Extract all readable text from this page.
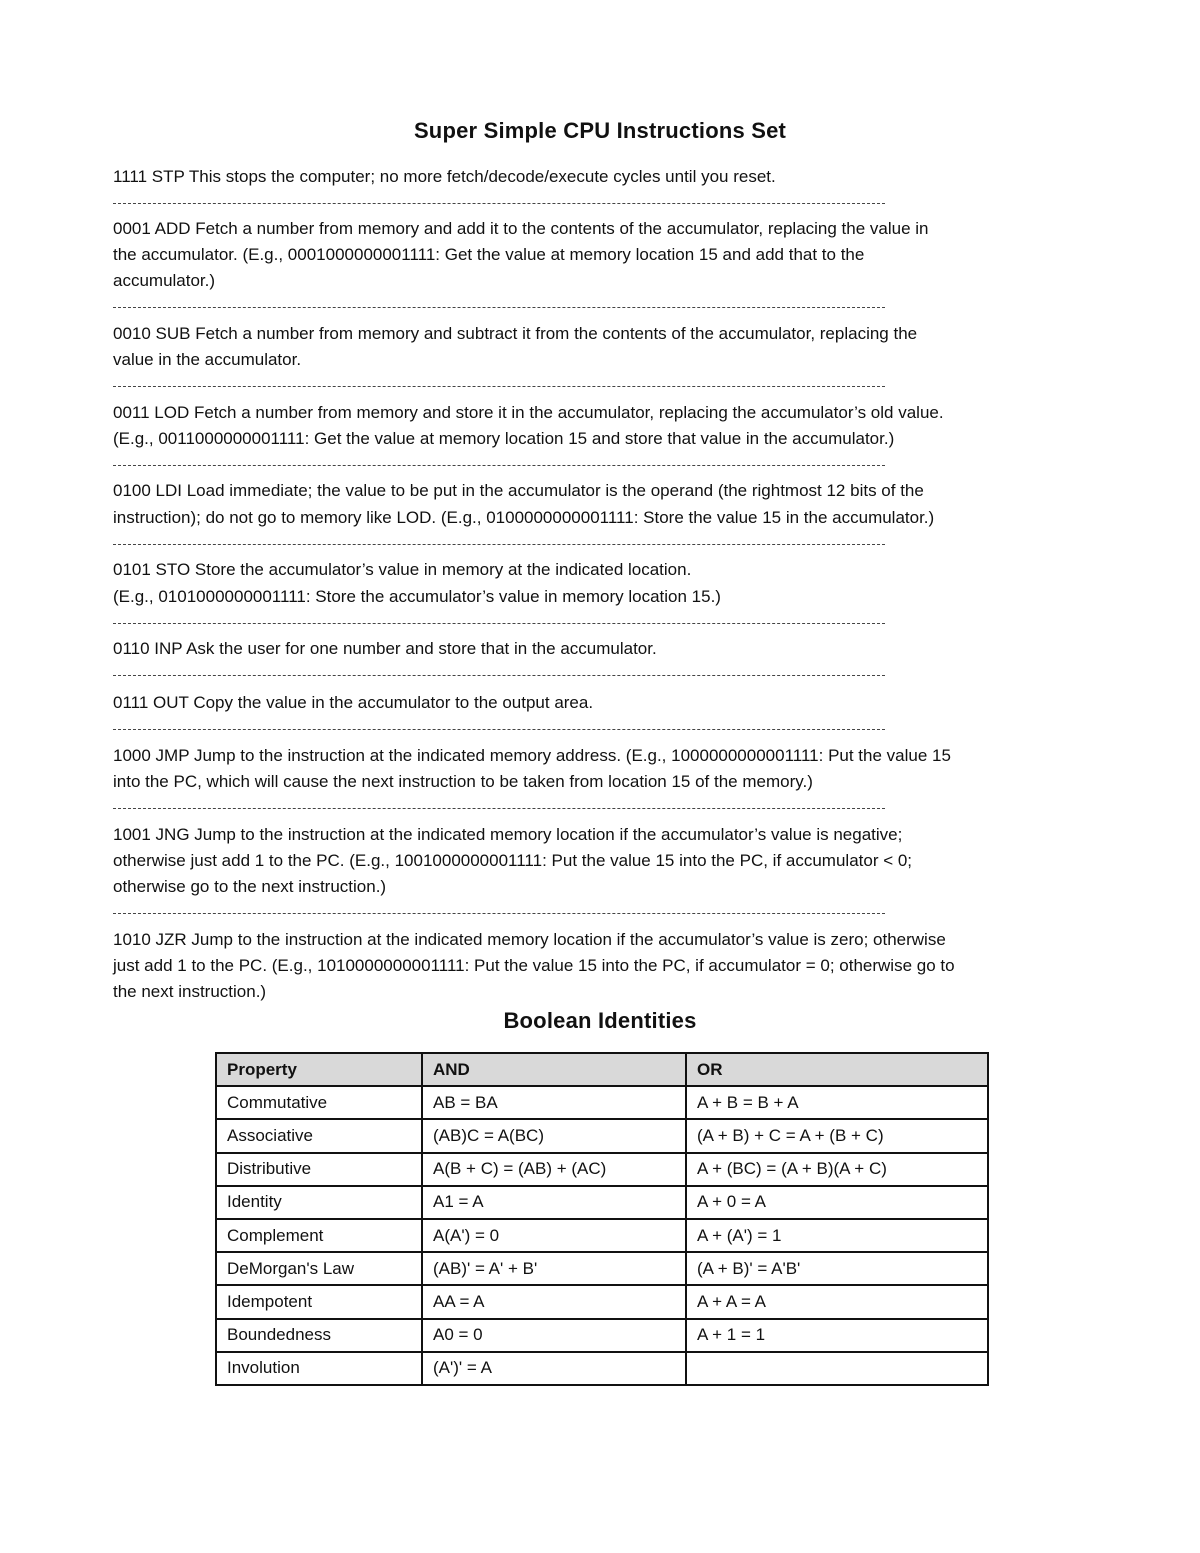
Super Simple CPU Instructions Set
1111 STP This stops the computer; no more fetch/decode/execute cycles until you reset.
0001 ADD Fetch a number from memory and add it to the contents of the accumulator, replacing the value in
the accumulator. (E.g., 0001000000001111: Get the value at memory location 15 and add that to the
accumulator.)
0010 SUB Fetch a number from memory and subtract it from the contents of the accumulator, replacing the
value in the accumulator.
0011 LOD Fetch a number from memory and store it in the accumulator, replacing the accumulator’s old value.
(E.g., 0011000000001111: Get the value at memory location 15 and store that value in the accumulator.)
0100 LDI Load immediate; the value to be put in the accumulator is the operand (the rightmost 12 bits of the
instruction); do not go to memory like LOD. (E.g., 0100000000001111: Store the value 15 in the accumulator.)
0101 STO Store the accumulator’s value in memory at the indicated location.
(E.g., 0101000000001111: Store the accumulator’s value in memory location 15.)
0110 INP Ask the user for one number and store that in the accumulator.
0111 OUT Copy the value in the accumulator to the output area.
1000 JMP Jump to the instruction at the indicated memory address. (E.g., 1000000000001111: Put the value 15
into the PC, which will cause the next instruction to be taken from location 15 of the memory.)
1001 JNG Jump to the instruction at the indicated memory location if the accumulator’s value is negative;
otherwise just add 1 to the PC. (E.g., 1001000000001111: Put the value 15 into the PC, if accumulator < 0;
otherwise go to the next instruction.)
1010 JZR Jump to the instruction at the indicated memory location if the accumulator’s value is zero; otherwise
just add 1 to the PC. (E.g., 1010000000001111: Put the value 15 into the PC, if accumulator = 0; otherwise go to
the next instruction.)
Boolean Identities
Property	AND	OR
Commutative	AB = BA	A + B = B + A
Associative	(AB)C = A(BC)	(A + B) + C = A + (B + C)
Distributive	A(B + C) = (AB) + (AC)	A + (BC) = (A + B)(A + C)
Identity	A1 = A	A + 0 = A
Complement	A(A') = 0	A + (A') = 1
DeMorgan's Law	(AB)' = A' + B'	(A + B)' = A'B'
Idempotent	AA = A	A + A = A
Boundedness	A0 = 0	A + 1 = 1
Involution	(A')' = A	
